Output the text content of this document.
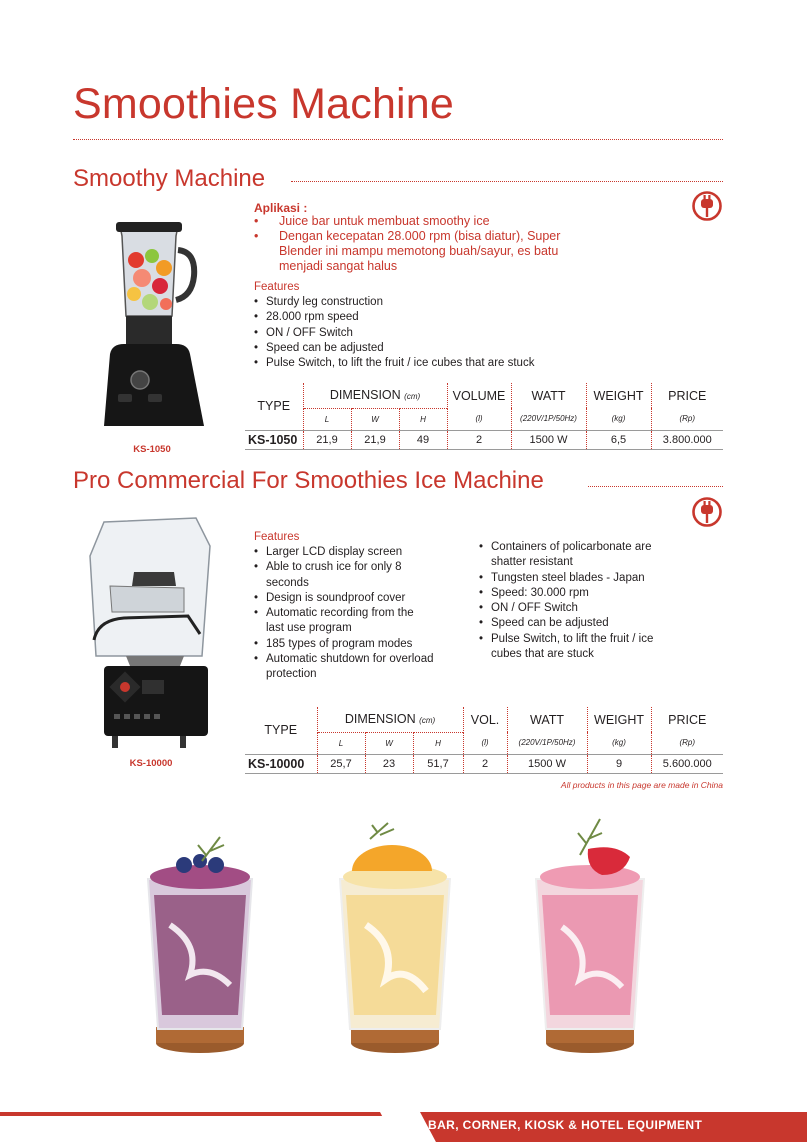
Smoothies Machine
Smoothy Machine
KS-1050
Aplikasi :
• Juice bar untuk membuat smoothy ice
• Dengan kecepatan 28.000 rpm (bisa diatur), Super Blender ini mampu memotong buah/sayur, es batu menjadi sangat halus
Features
• Sturdy leg construction
• 28.000 rpm speed
• ON / OFF Switch
• Speed can be adjusted
• Pulse Switch, to lift the fruit / ice cubes that are stuck
TYPE	DIMENSION (cm)			VOLUME	WATT	WEIGHT	PRICE
	L	W	H	(l)	(220V/1P/50Hz)	(kg)	(Rp)
KS-1050	21,9	21,9	49	2	1500 W	6,5	3.800.000
Pro Commercial For Smoothies Ice Machine
KS-10000
Features
• Larger LCD display screen
• Able to crush ice for only 8 seconds
• Design is soundproof cover
• Automatic recording from the last use program
• 185 types of program modes
• Automatic shutdown for overload protection
• Containers of policarbonate are shatter resistant
• Tungsten steel blades - Japan
• Speed: 30.000 rpm
• ON / OFF Switch
• Speed can be adjusted
• Pulse Switch, to lift the fruit / ice cubes that are stuck
TYPE	DIMENSION (cm)			VOL.	WATT	WEIGHT	PRICE
	L	W	H	(l)	(220V/1P/50Hz)	(kg)	(Rp)
KS-10000	25,7	23	51,7	2	1500 W	9	5.600.000
All products in this page are made in China
BAR, CORNER, KIOSK & HOTEL EQUIPMENT
